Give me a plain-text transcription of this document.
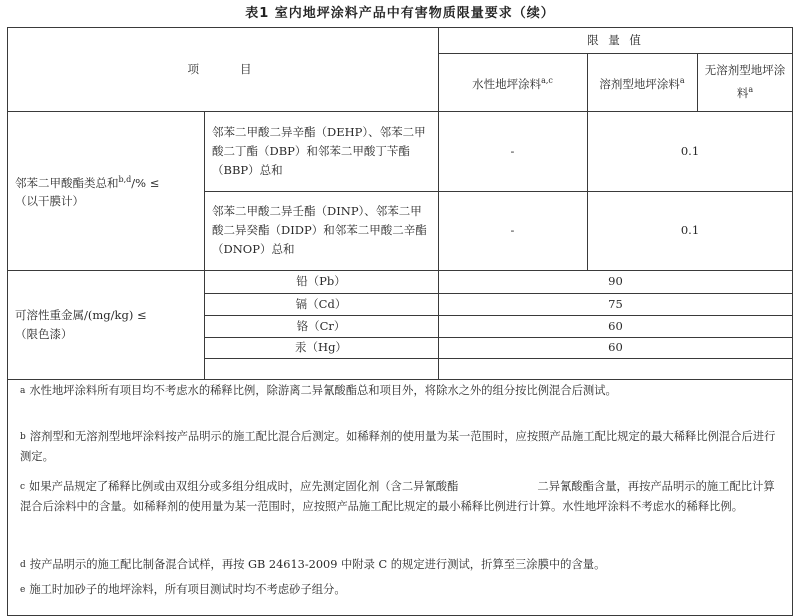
表1 室内地坪涂料产品中有害物质限量要求（续）
项　　目
限 量 值
水性地坪涂料$^{a,c}$	溶剂型地坪涂料$^a$
无溶剂型地坪涂料$^a$
邻苯二甲酸酯类总和$^{b,d}$/% ≤
（以干膜计）
邻苯二甲酸二异辛酯（DEHP）、邻苯二甲酸二丁酯（DBP）和邻苯二甲酸丁苄酯（BBP）总和
-	0.1
邻苯二甲酸二异壬酯（DINP）、邻苯二甲酸二异癸酯（DIDP）和邻苯二甲酸二辛酯（DNOP）总和
-	0.1
可溶性重金属/(mg/kg) ≤
（限色漆）
铅（Pb）	90
镉（Cd）	75
铬（Cr）	60
汞（Hg）	60
$^a$ 水性地坪涂料所有项目均不考虑水的稀释比例，除游离二异氰酸酯总和项目外，将除水之外的组分按比例混合后测试。
$^b$ 溶剂型和无溶剂型地坪涂料按产品明示的施工配比混合后测定。如稀释剂的使用量为某一范围时，应按照产品施工配比规定的最大稀释比例混合后进行测定。
$^c$ 如果产品规定了稀释比例或由双组分或多组分组成时，应先测定固化剂（含二异氰酸酯　　　　　　　二异氰酸酯含量，再按产品明示的施工配比计算混合后涂料中的含量。如稀释剂的使用量为某一范围时，应按照产品施工配比规定的最小稀释比例进行计算。水性地坪涂料不考虑水的稀释比例。
$^d$ 按产品明示的施工配比制备混合试样，再按 GB 24613-2009 中附录 C 的规定进行测试，折算至三涂膜中的含量。
$^e$ 施工时加砂子的地坪涂料，所有项目测试时均不考虑砂子组分。
